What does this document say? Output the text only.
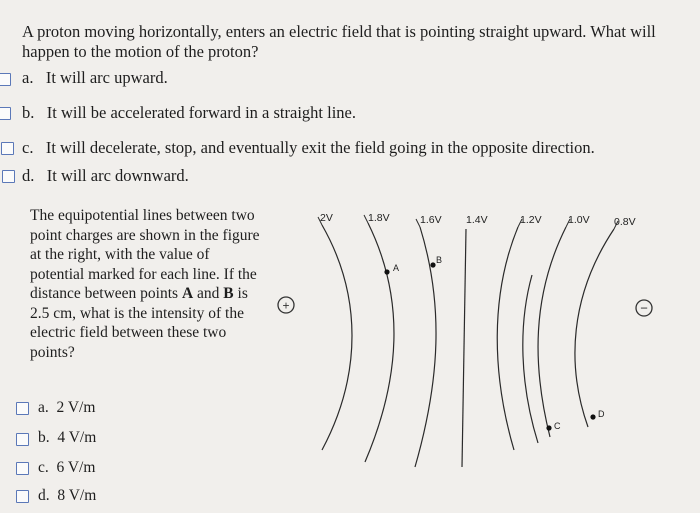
A proton moving horizontally, enters an electric field that is pointing straight upward. What will happen to the motion of the proton?
a. It will arc upward.
b. It will be accelerated forward in a straight line.
c. It will decelerate, stop, and eventually exit the field going in the opposite direction.
d. It will arc downward.
The equipotential lines between two point charges are shown in the figure at the right, with the value of potential marked for each line. If the distance between points A and B is 2.5 cm, what is the intensity of the electric field between these two points?
a. 2 V/m
b. 4 V/m
c. 6 V/m
d. 8 V/m
+	−
2V	1.8V	1.6V 1.4V	1.2V	1.0V 0.8V
A
B
C
D
